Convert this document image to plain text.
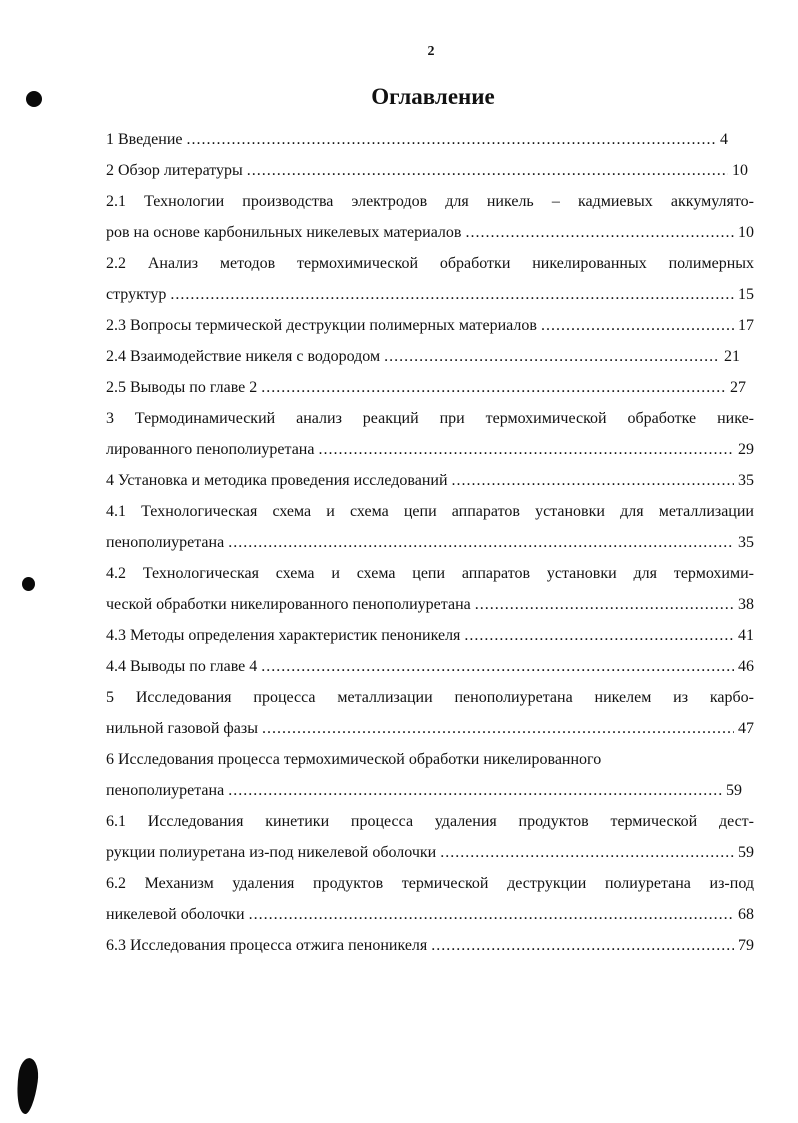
2
Оглавление
1 Введение .....	4
2 Обзор литературы .....	10
2.1 Технологии производства электродов для никель – кадмиевых аккумулято-
ров на основе карбонильных никелевых материалов .....	10
2.2 Анализ методов термохимической обработки никелированных полимерных
структур .....	15
2.3 Вопросы термической деструкции полимерных материалов .....	17
2.4 Взаимодействие никеля с водородом .....	21
2.5 Выводы по главе 2 .....	27
3 Термодинамический анализ реакций при термохимической обработке нике-
лированного пенополиуретана .....	29
4 Установка и методика проведения исследований .....	35
4.1 Технологическая схема и схема цепи аппаратов установки для металлизации
пенополиуретана .....	35
4.2 Технологическая схема и схема цепи аппаратов установки для термохими-
ческой обработки никелированного пенополиуретана .....	38
4.3 Методы определения характеристик пеноникеля .....	41
4.4 Выводы по главе 4 .....	46
5 Исследования процесса металлизации пенополиуретана никелем из карбо-
нильной газовой фазы .....	47
6 Исследования процесса термохимической обработки никелированного
пенополиуретана .....	59
6.1 Исследования кинетики процесса удаления продуктов термической дест-
рукции полиуретана из-под никелевой оболочки .....	59
6.2 Механизм удаления продуктов термической деструкции полиуретана из-под
никелевой оболочки .....	68
6.3 Исследования процесса отжига пеноникеля .....	79
